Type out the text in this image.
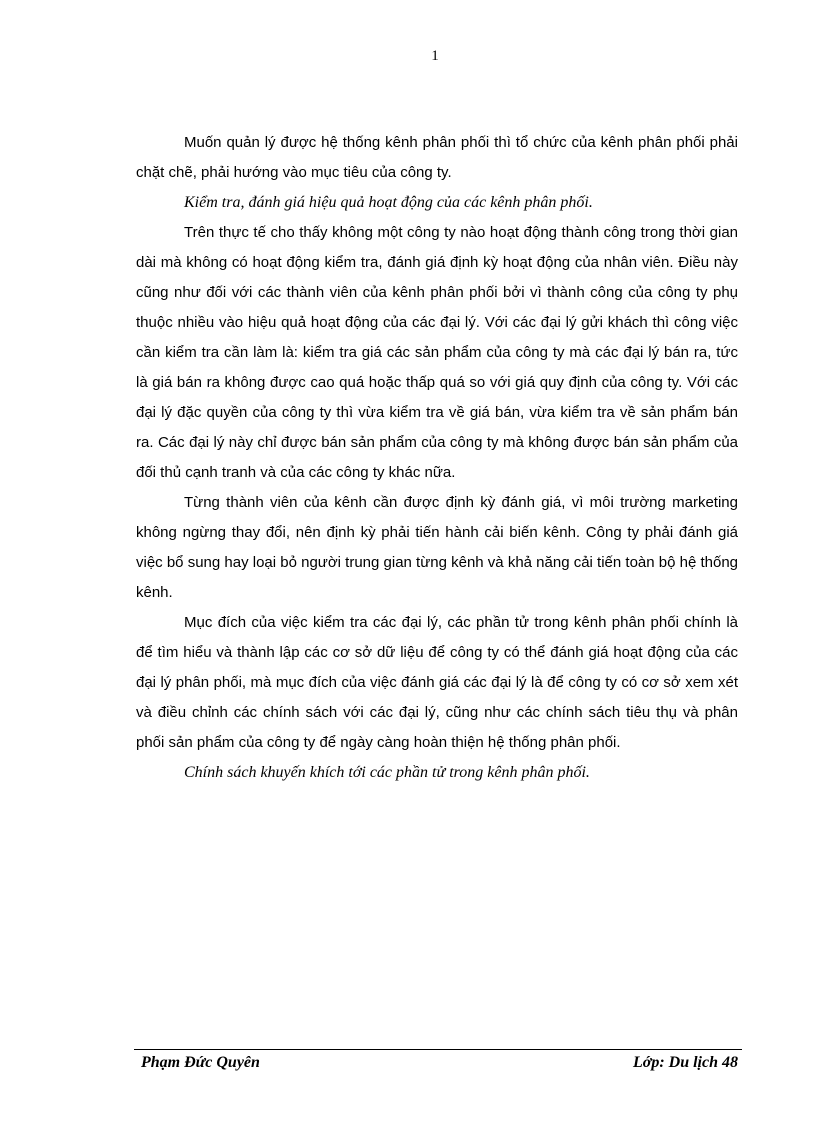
1

Muốn quản lý được hệ thống kênh phân phối thì tổ chức của kênh phân phối phải chặt chẽ, phải hướng vào mục tiêu của công ty.

Kiểm tra, đánh giá hiệu quả hoạt động của các kênh phân phối.

Trên thực tế cho thấy không một công ty nào hoạt động thành công trong thời gian dài mà không có hoạt động kiểm tra, đánh giá định kỳ hoạt động của nhân viên. Điều này cũng như đối với các thành viên của kênh phân phối bởi vì thành công của công ty phụ thuộc nhiều vào hiệu quả hoạt động của các đại lý. Với các đại lý gửi khách thì công việc cần kiểm tra cần làm là: kiểm tra giá các sản phẩm của công ty mà các đại lý bán ra, tức là giá bán ra không được cao quá hoặc thấp quá so với giá quy định của công ty. Với các đại lý đặc quyền của công ty thì vừa kiểm tra về giá bán, vừa kiểm tra về sản phẩm bán ra. Các đại lý này chỉ được bán sản phẩm của công ty mà không được bán sản phẩm của đối thủ cạnh tranh và của các công ty khác nữa.

Từng thành viên của kênh cần được định kỳ đánh giá, vì môi trường marketing không ngừng thay đổi, nên định kỳ phải tiến hành cải biến kênh. Công ty phải đánh giá việc bổ sung hay loại bỏ người trung gian từng kênh và khả năng cải tiến toàn bộ hệ thống kênh.

Mục đích của việc kiểm tra các đại lý, các phần tử trong kênh phân phối chính là để tìm hiểu và thành lập các cơ sở dữ liệu để công ty có thể đánh giá hoạt động của các đại lý phân phối, mà mục đích của việc đánh giá các đại lý là để công ty có cơ sở xem xét và điều chỉnh các chính sách với các đại lý, cũng như các chính sách tiêu thụ và phân phối sản phẩm của công ty để ngày càng hoàn thiện hệ thống phân phối.

Chính sách khuyến khích tới các phần tử trong kênh phân phối.

Phạm Đức Quyên	Lớp: Du lịch 48
